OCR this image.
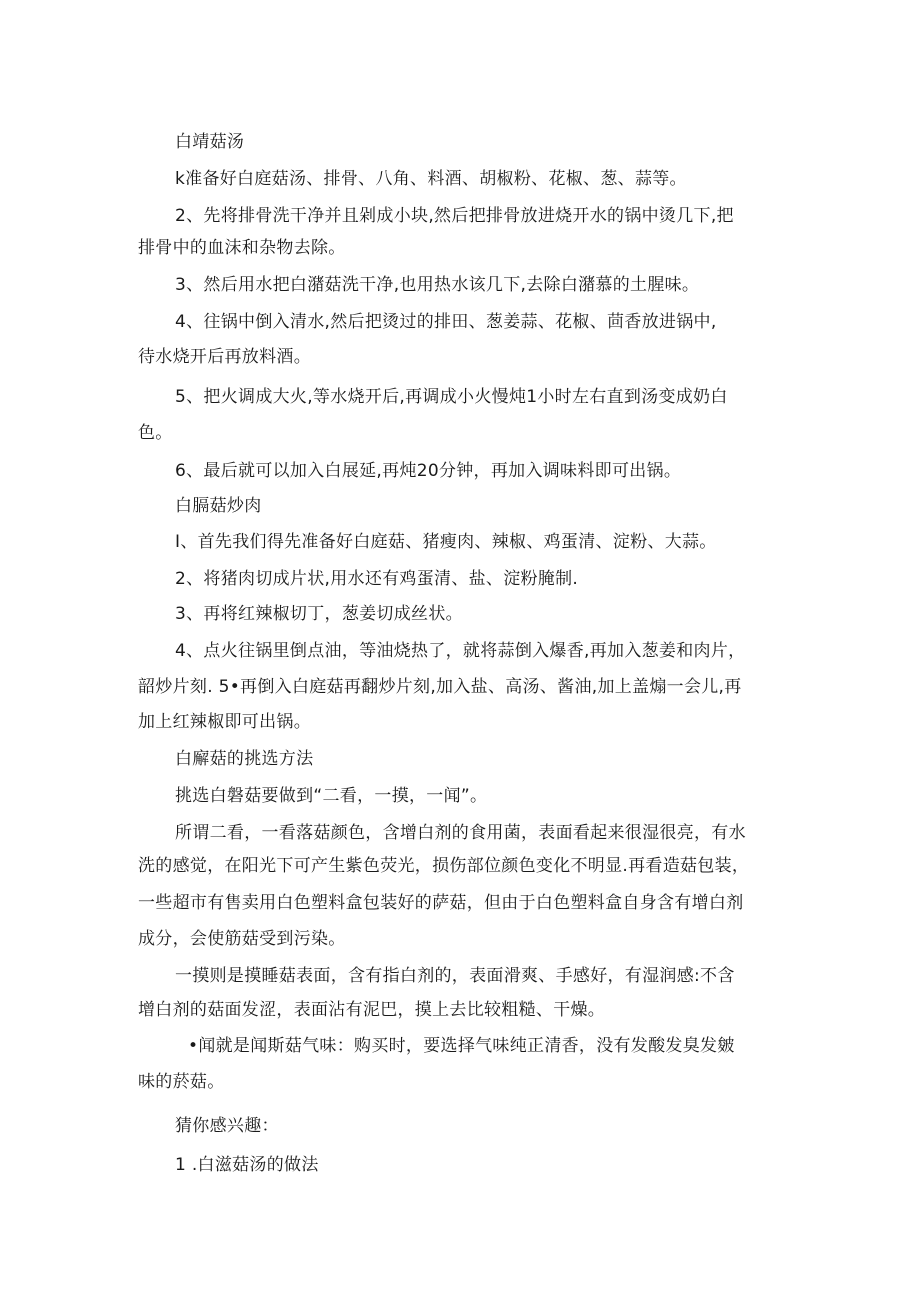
白靖菇汤
k准备好白庭菇汤、排骨、八角、料酒、胡椒粉、花椒、葱、蒜等。
2、先将排骨洗干净并且剁成小块,然后把排骨放进烧开水的锅中烫几下,把
排骨中的血沫和杂物去除。
3、然后用水把白潴菇洗干净,也用热水该几下,去除白潴慕的土腥味。
4、往锅中倒入清水,然后把烫过的排田、葱姜蒜、花椒、茴香放进锅中,
待水烧开后再放料酒。
5、把火调成大火,等水烧开后,再调成小火慢炖1小时左右直到汤变成奶白
色。
6、最后就可以加入白展延,再炖20分钟，再加入调味料即可出锅。
白膈菇炒肉
I、首先我们得先准备好白庭菇、猪瘦肉、辣椒、鸡蛋清、淀粉、大蒜。
2、将猪肉切成片状,用水还有鸡蛋清、盐、淀粉腌制.
3、再将红辣椒切丁，葱姜切成丝状。
4、点火往锅里倒点油，等油烧热了，就将蒜倒入爆香,再加入葱姜和肉片，
韶炒片刻. 5•再倒入白庭菇再翻炒片刻,加入盐、高汤、酱油,加上盖煽一会儿,再
加上红辣椒即可出锅。
白廨菇的挑选方法
挑选白磐菇要做到“二看，一摸，一闻”。
所谓二看，一看落菇颜色，含增白剂的食用菌，表面看起来很湿很亮，有水
洗的感觉，在阳光下可产生紫色荧光，损伤部位颜色变化不明显.再看造菇包装，
一些超市有售卖用白色塑料盒包装好的萨菇，但由于白色塑料盒自身含有增白剂
成分，会使筋菇受到污染。
一摸则是摸睡菇表面，含有指白剂的，表面滑爽、手感好，有湿润感:不含
增白剂的菇面发涩，表面沾有泥巴，摸上去比较粗糙、干燥。
•闻就是闻斯菇气味：购买时，要选择气味纯正清香，没有发酸发臭发皴
味的菸菇。
猜你感兴趣：
1 .白滋菇汤的做法
